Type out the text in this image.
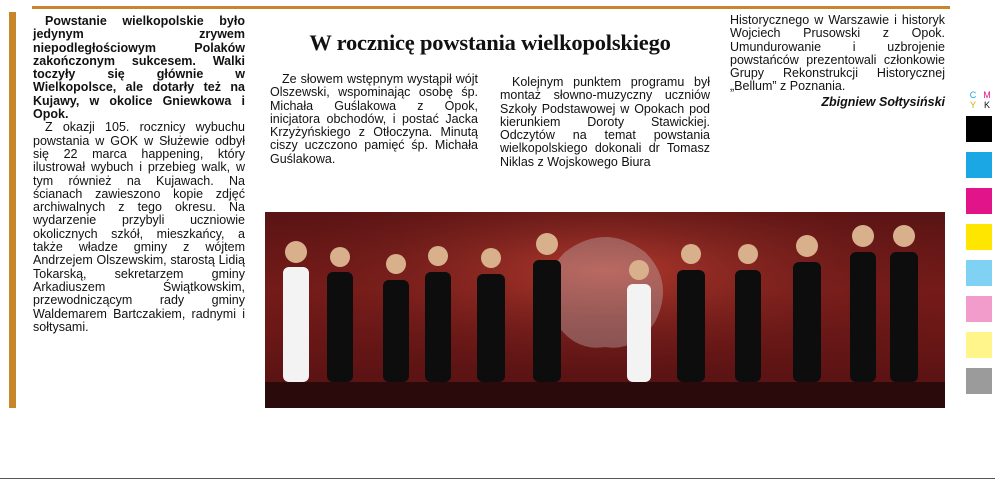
Powstanie wielkopolskie było jedynym zrywem niepodległościowym Polaków zakończonym sukcesem. Walki toczyły się głównie w Wielkopolsce, ale dotarły też na Kujawy, w okolice Gniewkowa i Opok.

Z okazji 105. rocznicy wybuchu powstania w GOK w Służewie odbył się 22 marca happening, który ilustrował wybuch i przebieg walk, w tym również na Kujawach. Na ścianach zawieszono kopie zdjęć archiwalnych z tego okresu. Na wydarzenie przybyli uczniowie okolicznych szkół, mieszkańcy, a także władze gminy z wójtem Andrzejem Olszewskim, starostą Lidią Tokarską, sekretarzem gminy Arkadiuszem Świątkowskim, przewodniczącym rady gminy Waldemarem Bartczakiem, radnymi i sołtysami.

W rocznicę powstania wielkopolskiego

Ze słowem wstępnym wystąpił wójt Olszewski, wspominając osobę śp. Michała Guślakowa z Opok, inicjatora obchodów, i postać Jacka Krzyżyńskiego z Otłoczyna. Minutą ciszy uczczono pamięć śp. Michała Guślakowa.

Kolejnym punktem programu był montaż słowno-muzyczny uczniów Szkoły Podstawowej w Opokach pod kierunkiem Doroty Stawickiej. Odczytów na temat powstania wielkopolskiego dokonali dr Tomasz Niklas z Wojskowego Biura

Historycznego w Warszawie i historyk Wojciech Prusowski z Opok. Umundurowanie i uzbrojenie powstańców prezentowali członkowie Grupy Rekonstrukcji Historycznej „Bellum” z Poznania.

Zbigniew Sołtysiński	C M
Y K
